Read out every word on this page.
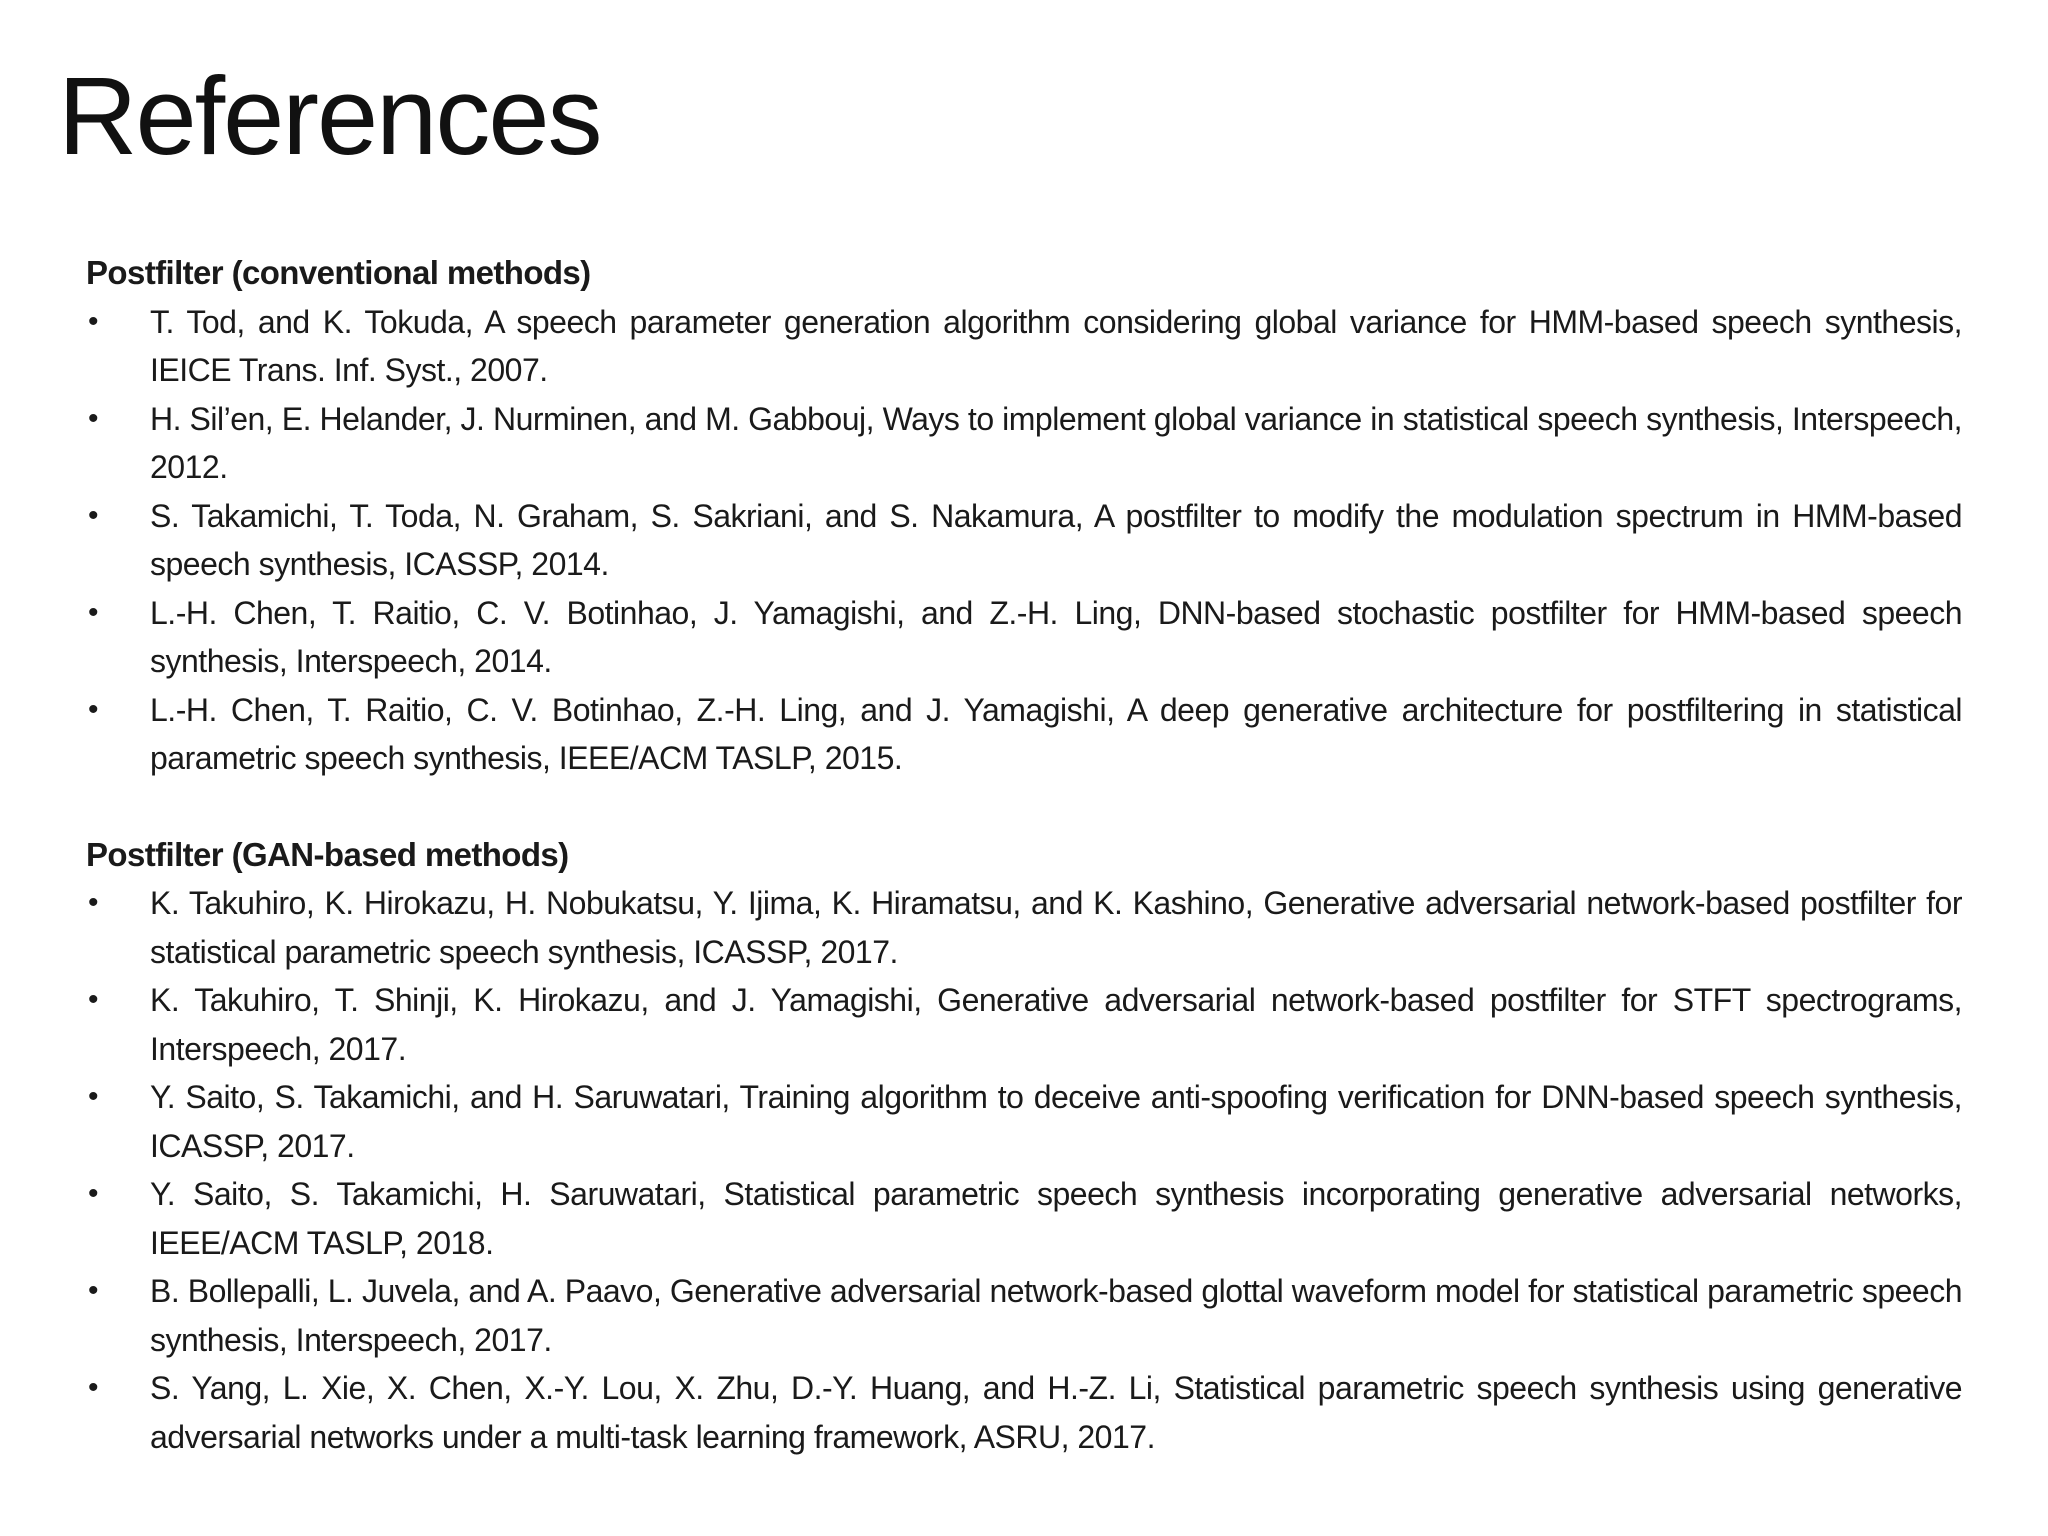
References
Postfilter (conventional methods)
• T. Tod, and K. Tokuda, A speech parameter generation algorithm considering global variance for HMM-based speech synthesis, IEICE Trans. Inf. Syst., 2007.
• H. Sil’en, E. Helander, J. Nurminen, and M. Gabbouj, Ways to implement global variance in statistical speech synthesis, Interspeech, 2012.
• S. Takamichi, T. Toda, N. Graham, S. Sakriani, and S. Nakamura, A postfilter to modify the modulation spectrum in HMM-based speech synthesis, ICASSP, 2014.
• L.-H. Chen, T. Raitio, C. V. Botinhao, J. Yamagishi, and Z.-H. Ling, DNN-based stochastic postfilter for HMM-based speech synthesis, Interspeech, 2014.
• L.-H. Chen, T. Raitio, C. V. Botinhao, Z.-H. Ling, and J. Yamagishi, A deep generative architecture for postfiltering in statistical parametric speech synthesis, IEEE/ACM TASLP, 2015.
Postfilter (GAN-based methods)
• K. Takuhiro, K. Hirokazu, H. Nobukatsu, Y. Ijima, K. Hiramatsu, and K. Kashino, Generative adversarial network-based postfilter for statistical parametric speech synthesis, ICASSP, 2017.
• K. Takuhiro, T. Shinji, K. Hirokazu, and J. Yamagishi, Generative adversarial network-based postfilter for STFT spectrograms, Interspeech, 2017.
• Y. Saito, S. Takamichi, and H. Saruwatari, Training algorithm to deceive anti-spoofing verification for DNN-based speech synthesis, ICASSP, 2017.
• Y. Saito, S. Takamichi, H. Saruwatari, Statistical parametric speech synthesis incorporating generative adversarial networks, IEEE/ACM TASLP, 2018.
• B. Bollepalli, L. Juvela, and A. Paavo, Generative adversarial network-based glottal waveform model for statistical parametric speech synthesis, Interspeech, 2017.
• S. Yang, L. Xie, X. Chen, X.-Y. Lou, X. Zhu, D.-Y. Huang, and H.-Z. Li, Statistical parametric speech synthesis using generative adversarial networks under a multi-task learning framework, ASRU, 2017.
